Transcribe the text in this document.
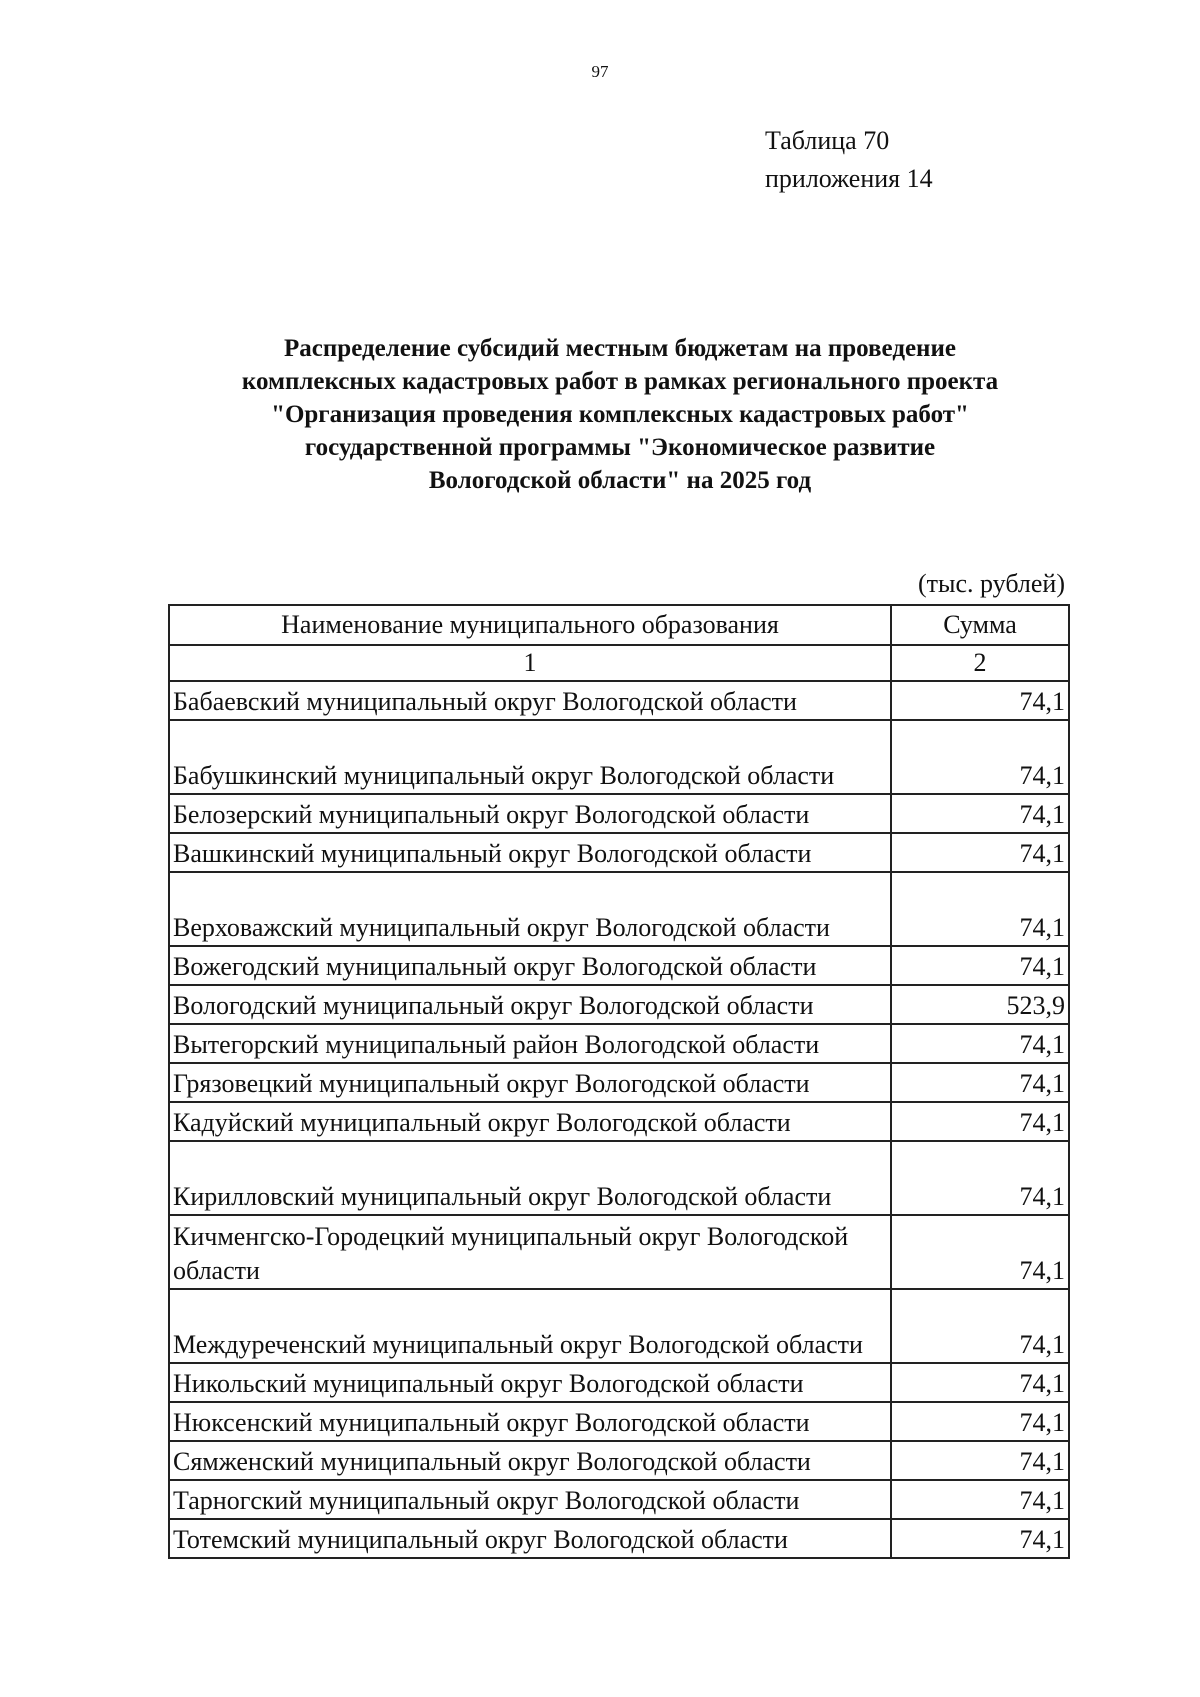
97
Таблица 70
приложения 14
Распределение субсидий местным бюджетам на проведение
комплексных кадастровых работ в рамках регионального проекта
"Организация проведения комплексных кадастровых работ"
государственной программы "Экономическое развитие
Вологодской области" на 2025 год
(тыс. рублей)
Наименование муниципального образования	Сумма
1	2
Бабаевский муниципальный округ Вологодской области	74,1
Бабушкинский муниципальный округ Вологодской области	74,1
Белозерский муниципальный округ Вологодской области	74,1
Вашкинский муниципальный округ Вологодской области	74,1
Верховажский муниципальный округ Вологодской области	74,1
Вожегодский муниципальный округ Вологодской области	74,1
Вологодский муниципальный округ Вологодской области	523,9
Вытегорский муниципальный район Вологодской области	74,1
Грязовецкий муниципальный округ Вологодской области	74,1
Кадуйский муниципальный округ Вологодской области	74,1
Кирилловский муниципальный округ Вологодской области	74,1
Кичменгско-Городецкий муниципальный округ Вологодской области	74,1
Междуреченский муниципальный округ Вологодской области	74,1
Никольский муниципальный округ Вологодской области	74,1
Нюксенский муниципальный округ Вологодской области	74,1
Сямженский муниципальный округ Вологодской области	74,1
Тарногский муниципальный округ Вологодской области	74,1
Тотемский муниципальный округ Вологодской области	74,1
